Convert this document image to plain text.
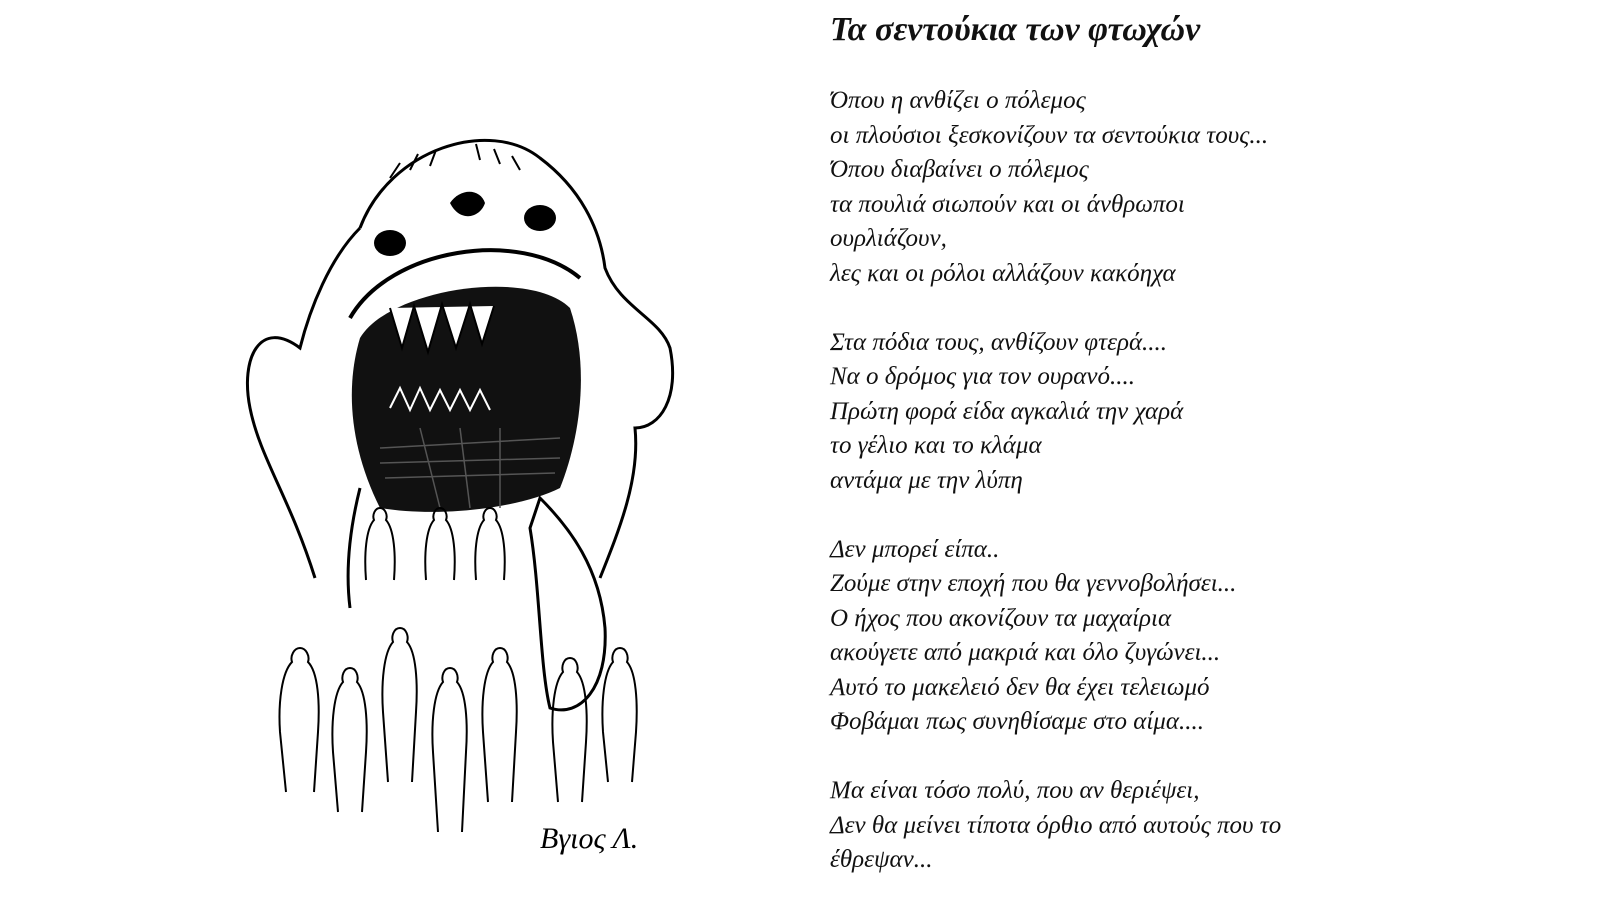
Βγιος Λ.
Τα σεντούκια των φτωχών
Όπου η ανθίζει ο πόλεμος
οι πλούσιοι ξεσκονίζουν τα σεντούκια τους...
Όπου διαβαίνει ο πόλεμος
τα πουλιά σιωπούν και οι άνθρωποι
ουρλιάζουν,
λες και οι ρόλοι αλλάζουν κακόηχα
Στα πόδια τους, ανθίζουν φτερά....
Να ο δρόμος για τον ουρανό....
Πρώτη φορά είδα αγκαλιά την χαρά
το γέλιο και το κλάμα
αντάμα με την λύπη
Δεν μπορεί είπα..
Ζούμε στην εποχή που θα γεννοβολήσει...
Ο ήχος που ακονίζουν τα μαχαίρια
ακούγετε από μακριά και όλο ζυγώνει...
Αυτό το μακελειό δεν θα έχει τελειωμό
Φοβάμαι πως συνηθίσαμε στο αίμα....
Μα είναι τόσο πολύ, που αν θεριέψει,
Δεν θα μείνει τίποτα όρθιο από αυτούς που το
έθρεψαν...
